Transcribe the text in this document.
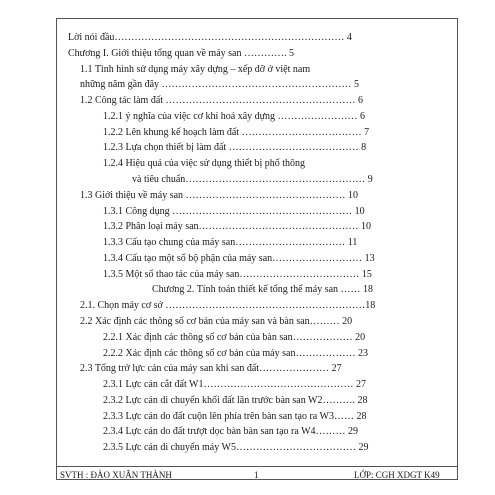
Lời nói đầu…………………………………………………………… 4
Chương I. Giới thiệu tổng quan về máy san …………. 5
1.1 Tình hình sử dụng máy xây dựng – xếp dỡ ở việt nam
những năm gần đây ………………………………………………… 5
1.2 Công tác làm đất ………………………………………………… 6
1.2.1 ý nghĩa của việc cơ khí hoá xây dựng …………………… 6
1.2.2 Lên khung kế hoạch làm đất ……………………………… 7
1.2.3 Lựa chọn thiết bị làm đất ………………………………… 8
1.2.4 Hiệu quả của việc sử dụng thiết bị phổ thông
và tiêu chuẩn……………………………………………… 9
1.3 Giới thiệu về máy san ………………………………………… 10
1.3.1 Công dụng ……………………………………………… 10
1.3.2 Phân loại máy san………………………………………… 10
1.3.3 Cấu tạo chung của máy san…………………………… 11
1.3.4 Cấu tạo một số bộ phận của máy san……………………… 13
1.3.5 Một số thao tác của máy san……………………………… 15
Chương 2. Tính toán thiết kế tổng thể máy san …… 18
2.1. Chọn máy cơ sở ……………………………………………………18
2.2 Xác định các thông số cơ bản của máy san và bàn san……… 20
2.2.1 Xác định các thông số cơ bản của bàn san……………… 20
2.2.2 Xác định các thông số cơ bản của máy san……………… 23
2.3 Tổng trở lực cản của máy san khi san đất………………… 27
2.3.1 Lực cản cắt đất W1……………………………………… 27
2.3.2 Lực cản di chuyển khối đất lăn trước bàn san W2………. 28
2.3.3 Lực cản do đất cuộn lên phía trên bàn san tạo ra W3…… 28
2.3.4 Lực cản do đất trượt dọc bàn bàn san tạo ra W4……… 29
2.3.5 Lực cản di chuyển máy W5……………………………… 29
SVTH : ĐÀO XUÂN THÀNH	1	LỚP: CGH XDGT K49
